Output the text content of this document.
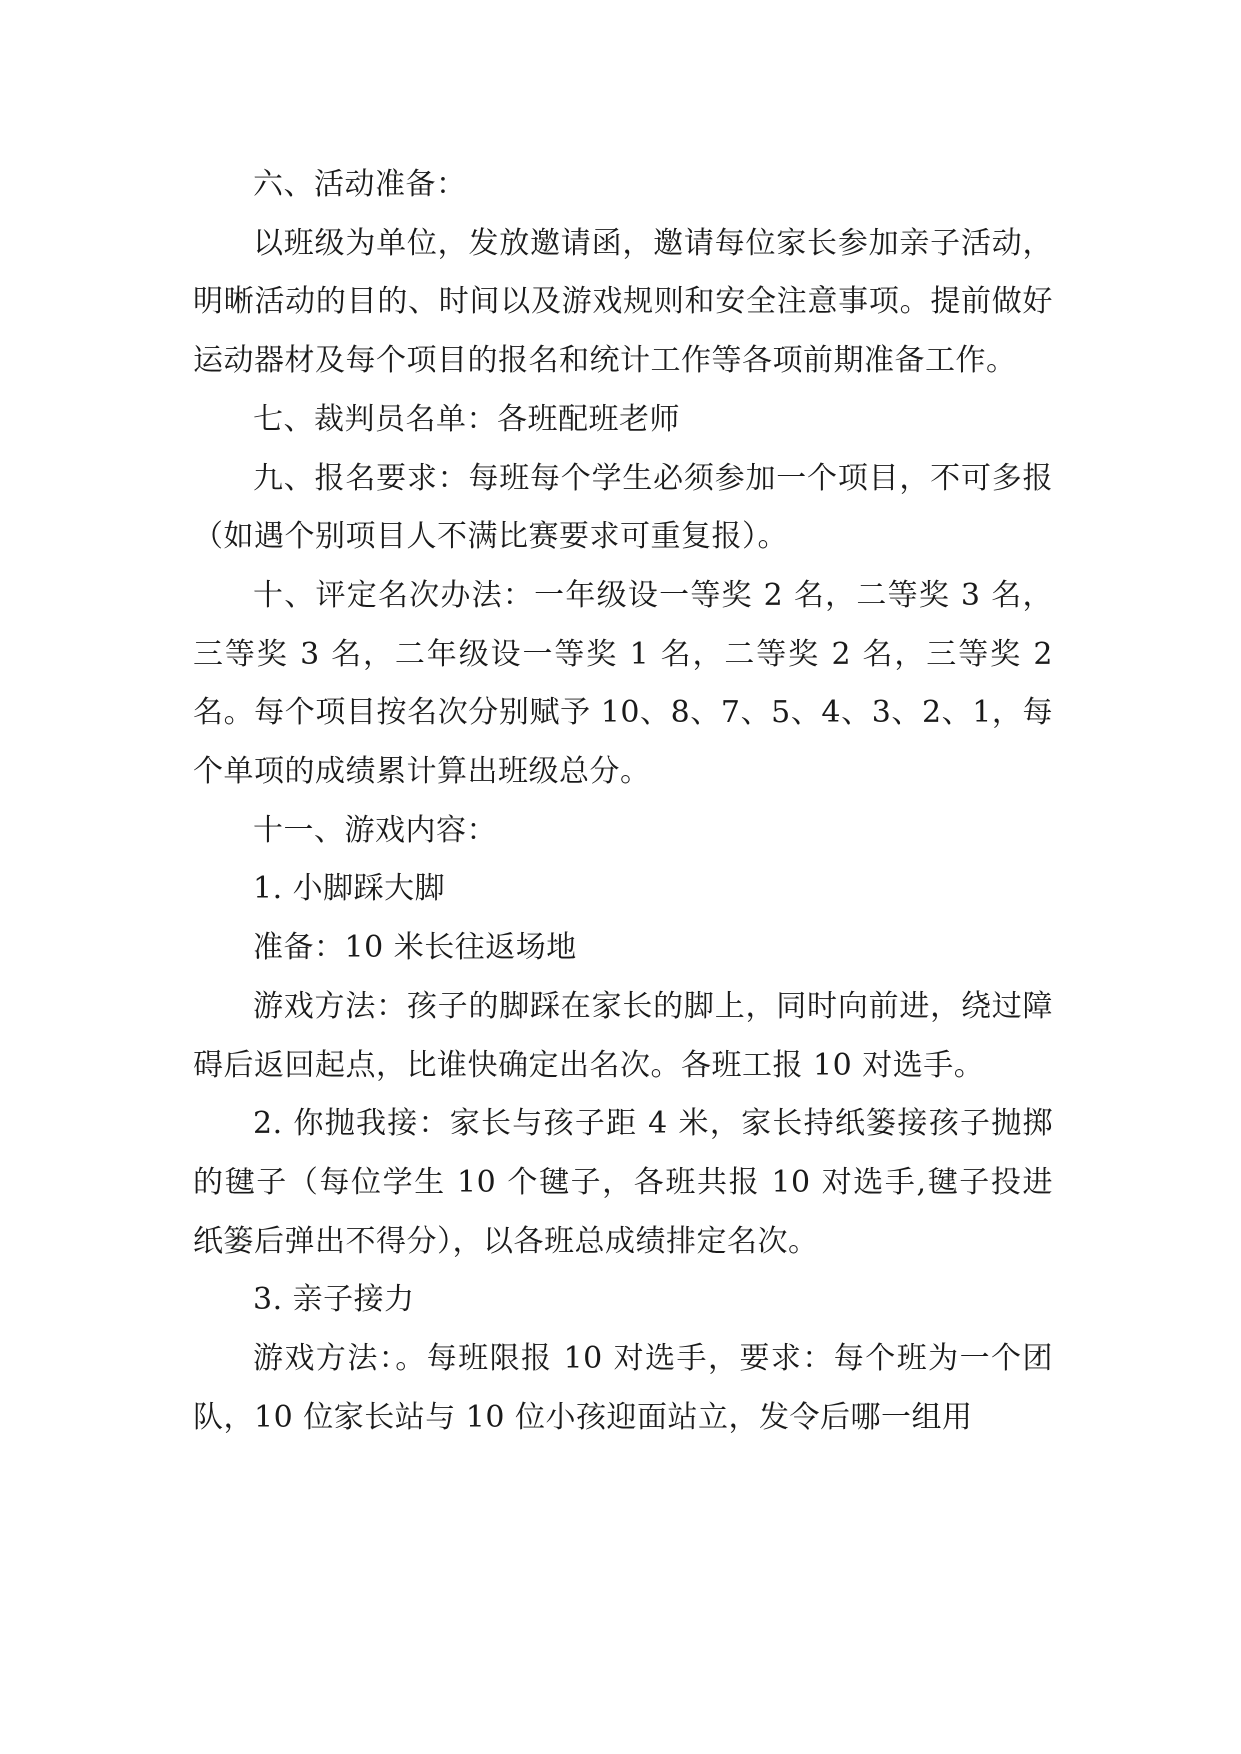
六、活动准备：

以班级为单位，发放邀请函，邀请每位家长参加亲子活动，明晰活动的目的、时间以及游戏规则和安全注意事项。提前做好运动器材及每个项目的报名和统计工作等各项前期准备工作。

七、裁判员名单：各班配班老师

九、报名要求：每班每个学生必须参加一个项目，不可多报（如遇个别项目人不满比赛要求可重复报）。

十、评定名次办法：一年级设一等奖 2 名，二等奖 3 名，三等奖 3 名，二年级设一等奖 1 名，二等奖 2 名，三等奖 2 名。每个项目按名次分别赋予 10、8、7、5、4、3、2、1，每个单项的成绩累计算出班级总分。

十一、游戏内容：

1. 小脚踩大脚

准备：10 米长往返场地

游戏方法：孩子的脚踩在家长的脚上，同时向前进，绕过障碍后返回起点，比谁快确定出名次。各班工报 10 对选手。

2. 你抛我接：家长与孩子距 4 米，家长持纸篓接孩子抛掷的毽子（每位学生 10 个毽子，各班共报 10 对选手,毽子投进纸篓后弹出不得分），以各班总成绩排定名次。

3. 亲子接力

游戏方法：。每班限报 10 对选手，要求：每个班为一个团队，10 位家长站与 10 位小孩迎面站立，发令后哪一组用
